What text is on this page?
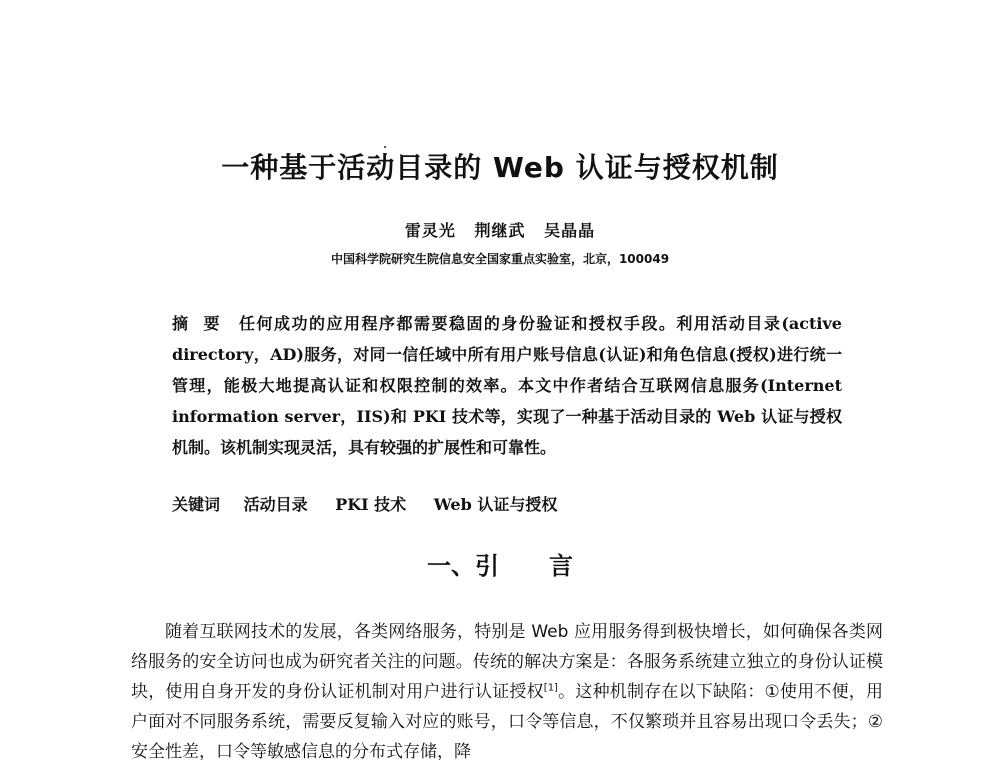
一种基于活动目录的 Web 认证与授权机制
雷灵光 荆继武 吴晶晶
中国科学院研究生院信息安全国家重点实验室，北京，100049
摘要 任何成功的应用程序都需要稳固的身份验证和授权手段。利用活动目录(active directory，AD)服务，对同一信任域中所有用户账号信息(认证)和角色信息(授权)进行统一管理，能极大地提高认证和权限控制的效率。本文中作者结合互联网信息服务(Internet information server，IIS)和 PKI 技术等，实现了一种基于活动目录的 Web 认证与授权机制。该机制实现灵活，具有较强的扩展性和可靠性。
关键词 活动目录 PKI 技术 Web 认证与授权
一、引 言
随着互联网技术的发展，各类网络服务，特别是 Web 应用服务得到极快增长，如何确保各类网络服务的安全访问也成为研究者关注的问题。传统的解决方案是：各服务系统建立独立的身份认证模块，使用自身开发的身份认证机制对用户进行认证授权[1]。这种机制存在以下缺陷：①使用不便，用户面对不同服务系统，需要反复输入对应的账号，口令等信息，不仅繁琐并且容易出现口令丢失；②安全性差，口令等敏感信息的分布式存储，降
